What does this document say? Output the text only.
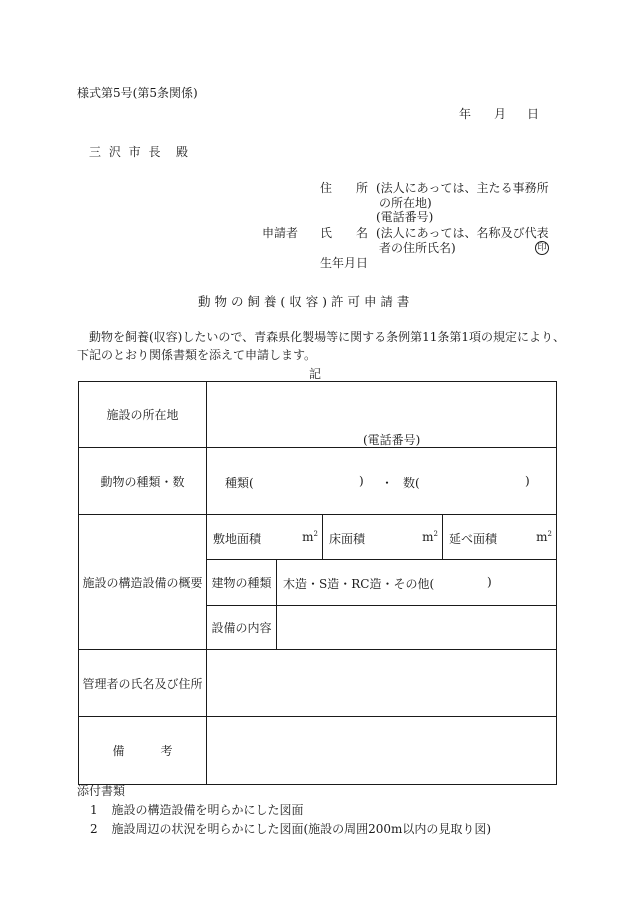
様式第5号(第5条関係)
年 月 日
三 沢 市 長 殿
住　　所 (法人にあっては、主たる事務所
の所在地)
(電話番号)
申請者 氏　　名 (法人にあっては、名称及び代表
者の住所氏名)	印
生年月日
動 物 の 飼 養 ( 収 容 ) 許 可 申 請 書
動物を飼養(収容)したいので、青森県化製場等に関する条例第11条第1項の規定により、
下記のとおり関係書類を添えて申請します。
記
施設の所在地	(電話番号)			

動物の種類・数	種類( ) ・ 数( )			

施設の構造設備の概要	敷地面積 $m^2$		床面積 $m^2$	延べ面積 $m^2$

	建物の種類	木造・S造・RC造・その他( )		

	設備の内容			
管理者の氏名及び住所				
備　　　考				
添付書類
1 施設の構造設備を明らかにした図面
2 施設周辺の状況を明らかにした図面(施設の周囲200m以内の見取り図)
